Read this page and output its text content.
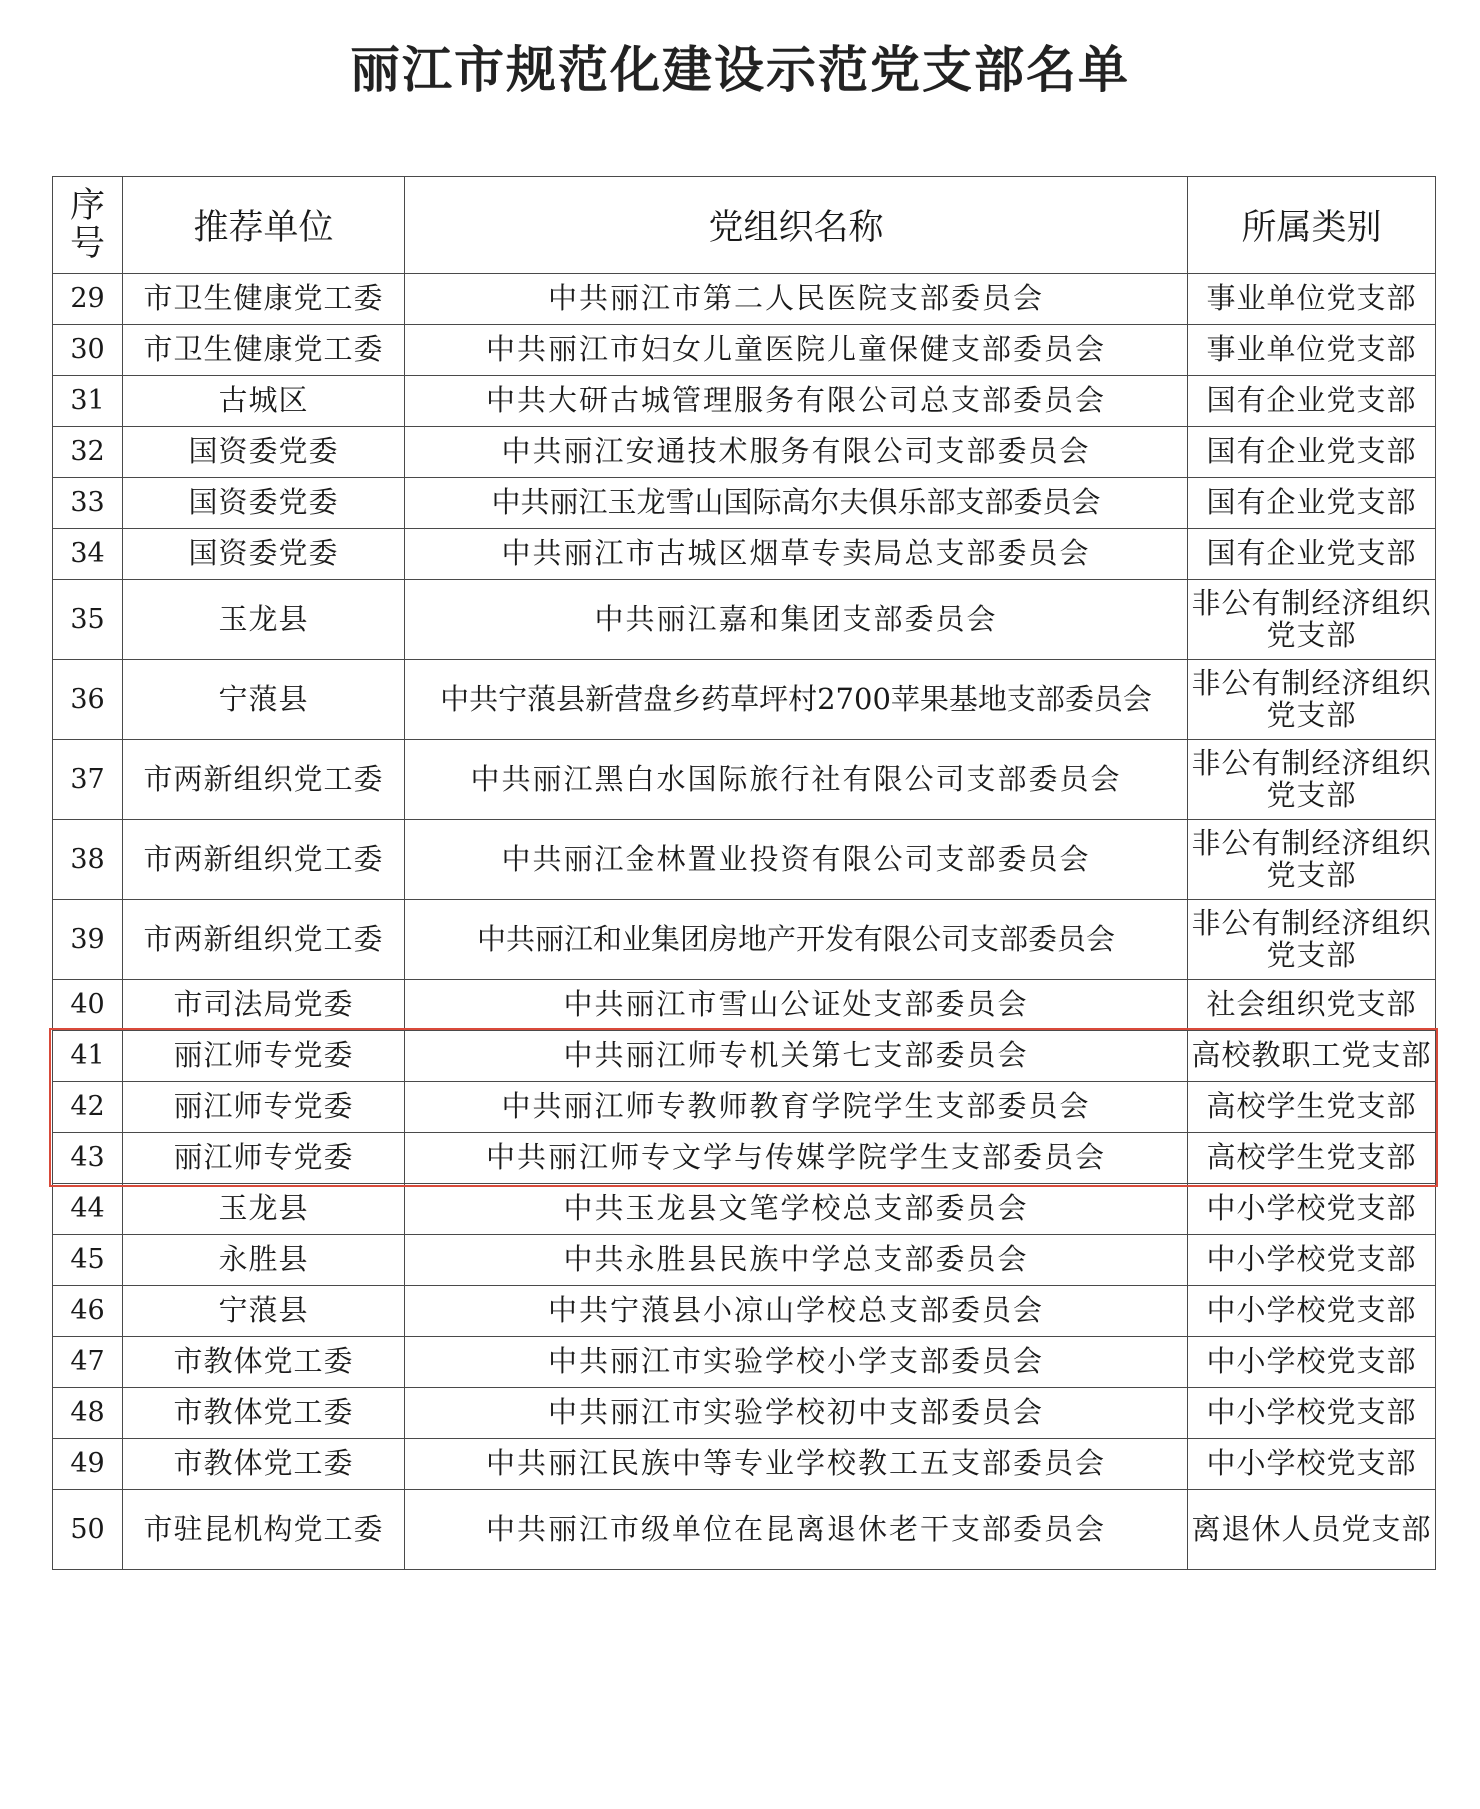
丽江市规范化建设示范党支部名单
序号	推荐单位	党组织名称	所属类别
29	市卫生健康党工委	中共丽江市第二人民医院支部委员会	事业单位党支部
30	市卫生健康党工委	中共丽江市妇女儿童医院儿童保健支部委员会	事业单位党支部
31	古城区	中共大研古城管理服务有限公司总支部委员会	国有企业党支部
32	国资委党委	中共丽江安通技术服务有限公司支部委员会	国有企业党支部
33	国资委党委	中共丽江玉龙雪山国际高尔夫俱乐部支部委员会	国有企业党支部
34	国资委党委	中共丽江市古城区烟草专卖局总支部委员会	国有企业党支部
35	玉龙县	中共丽江嘉和集团支部委员会	非公有制经济组织党支部
36	宁蒗县	中共宁蒗县新营盘乡药草坪村2700苹果基地支部委员会	非公有制经济组织党支部
37	市两新组织党工委	中共丽江黑白水国际旅行社有限公司支部委员会	非公有制经济组织党支部
38	市两新组织党工委	中共丽江金林置业投资有限公司支部委员会	非公有制经济组织党支部
39	市两新组织党工委	中共丽江和业集团房地产开发有限公司支部委员会	非公有制经济组织党支部
40	市司法局党委	中共丽江市雪山公证处支部委员会	社会组织党支部
41	丽江师专党委	中共丽江师专机关第七支部委员会	高校教职工党支部
42	丽江师专党委	中共丽江师专教师教育学院学生支部委员会	高校学生党支部
43	丽江师专党委	中共丽江师专文学与传媒学院学生支部委员会	高校学生党支部
44	玉龙县	中共玉龙县文笔学校总支部委员会	中小学校党支部
45	永胜县	中共永胜县民族中学总支部委员会	中小学校党支部
46	宁蒗县	中共宁蒗县小凉山学校总支部委员会	中小学校党支部
47	市教体党工委	中共丽江市实验学校小学支部委员会	中小学校党支部
48	市教体党工委	中共丽江市实验学校初中支部委员会	中小学校党支部
49	市教体党工委	中共丽江民族中等专业学校教工五支部委员会	中小学校党支部
50	市驻昆机构党工委	中共丽江市级单位在昆离退休老干支部委员会	离退休人员党支部
